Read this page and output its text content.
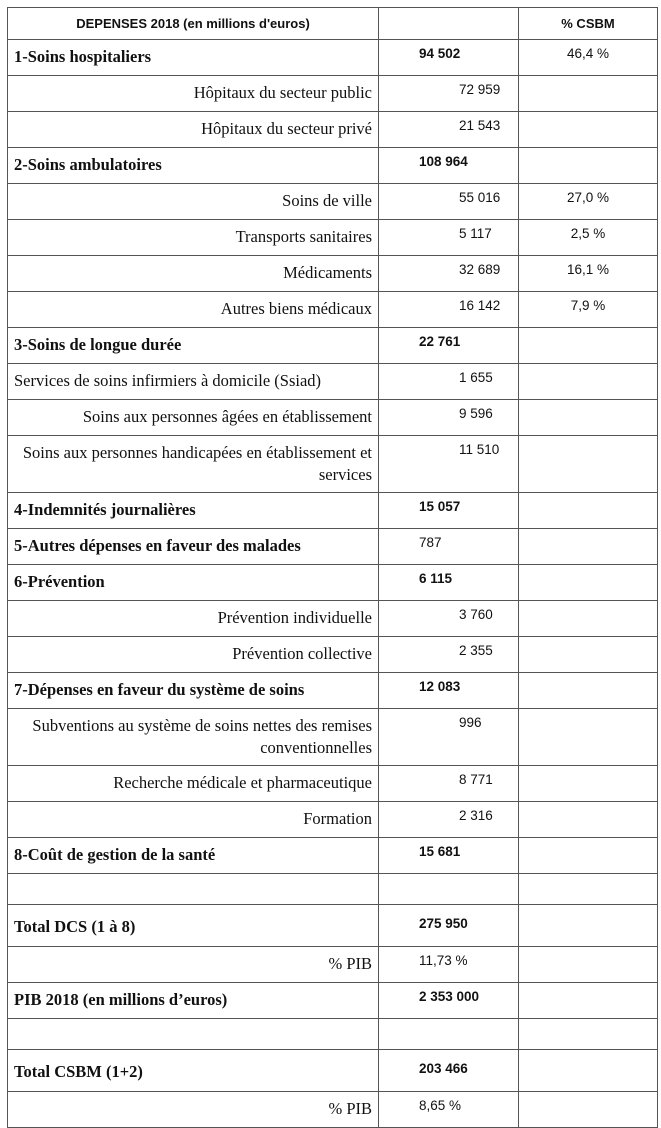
DEPENSES 2018 (en millions d'euros)		% CSBM
1-Soins hospitaliers	94 502	46,4 %
Hôpitaux du secteur public	72 959	
Hôpitaux du secteur privé	21 543	
2-Soins ambulatoires	108 964	
Soins de ville	55 016	27,0 %
Transports sanitaires	5 117	2,5 %
Médicaments	32 689	16,1 %
Autres biens médicaux	16 142	7,9 %
3-Soins de longue durée	22 761	
Services de soins infirmiers à domicile (Ssiad)	1 655	
Soins aux personnes âgées en établissement	9 596	
Soins aux personnes handicapées en établissement et services	11 510	
4-Indemnités journalières	15 057	
5-Autres dépenses en faveur des malades	787	
6-Prévention	6 115	
Prévention individuelle	3 760	
Prévention collective	2 355	
7-Dépenses en faveur du système de soins	12 083	
Subventions au système de soins nettes des remises conventionnelles	996	
Recherche médicale et pharmaceutique	8 771	
Formation	2 316	
8-Coût de gestion de la santé	15 681	

Total DCS (1 à 8)	275 950	
% PIB	11,73 %	
PIB 2018 (en millions d’euros)	2 353 000	

Total CSBM (1+2)	203 466	
% PIB	8,65 %	
